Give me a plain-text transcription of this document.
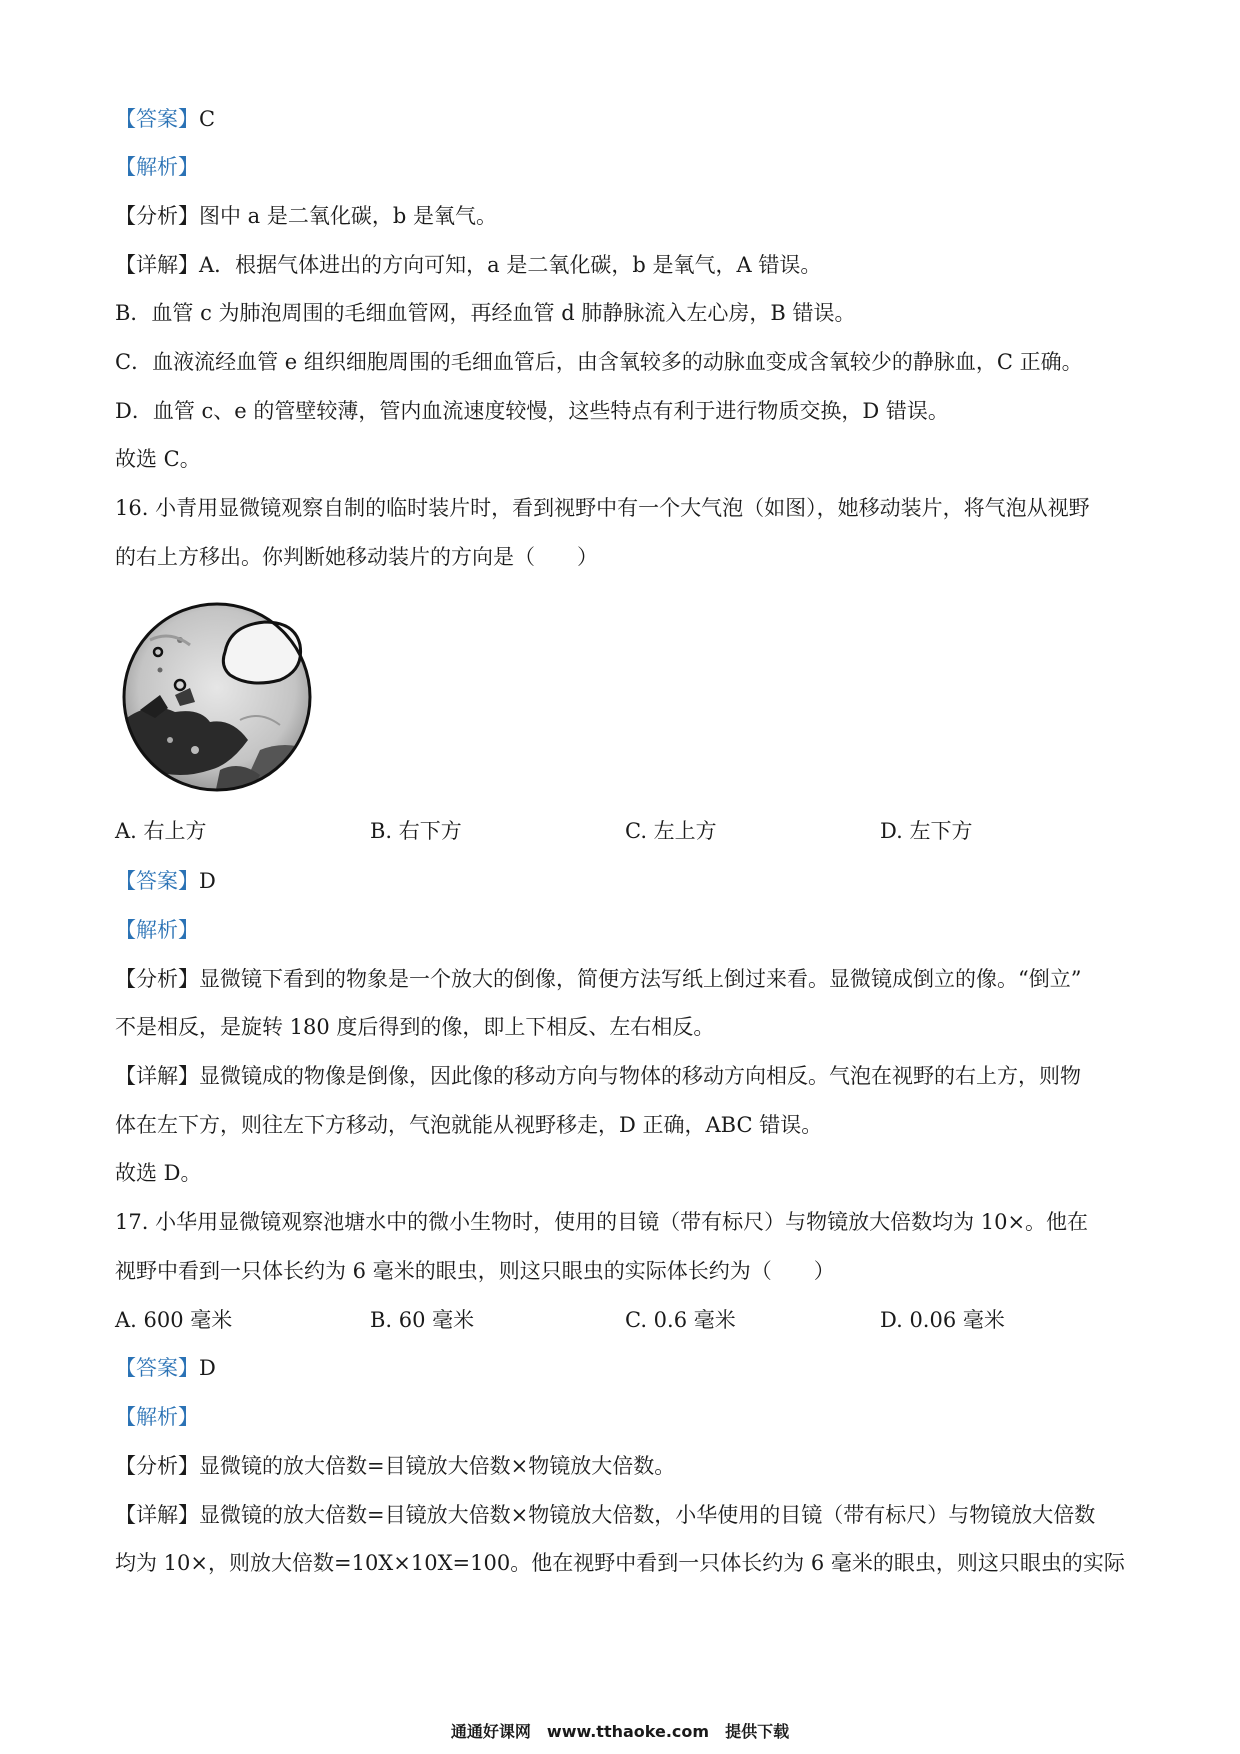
【答案】C
【解析】
【分析】图中 a 是二氧化碳，b 是氧气。
【详解】A．根据气体进出的方向可知，a 是二氧化碳，b 是氧气，A 错误。
B．血管 c 为肺泡周围的毛细血管网，再经血管 d 肺静脉流入左心房，B 错误。
C．血液流经血管 e 组织细胞周围的毛细血管后，由含氧较多的动脉血变成含氧较少的静脉血，C 正确。
D．血管 c、e 的管壁较薄，管内血流速度较慢，这些特点有利于进行物质交换，D 错误。
故选 C。
16. 小青用显微镜观察自制的临时装片时，看到视野中有一个大气泡（如图），她移动装片，将气泡从视野
的右上方移出。你判断她移动装片的方向是（　　）
A. 右上方	B. 右下方	C. 左上方	D. 左下方
【答案】D
【解析】
【分析】显微镜下看到的物象是一个放大的倒像，简便方法写纸上倒过来看。显微镜成倒立的像。“倒立”
不是相反，是旋转 180 度后得到的像，即上下相反、左右相反。
【详解】显微镜成的物像是倒像，因此像的移动方向与物体的移动方向相反。气泡在视野的右上方，则物
体在左下方，则往左下方移动，气泡就能从视野移走，D 正确，ABC 错误。
故选 D。
17. 小华用显微镜观察池塘水中的微小生物时，使用的目镜（带有标尺）与物镜放大倍数均为 10×。他在
视野中看到一只体长约为 6 毫米的眼虫，则这只眼虫的实际体长约为（　　）
A. 600 毫米	B. 60 毫米	C. 0.6 毫米	D. 0.06 毫米
【答案】D
【解析】
【分析】显微镜的放大倍数=目镜放大倍数×物镜放大倍数。
【详解】显微镜的放大倍数=目镜放大倍数×物镜放大倍数，小华使用的目镜（带有标尺）与物镜放大倍数
均为 10×，则放大倍数=10X×10X=100。他在视野中看到一只体长约为 6 毫米的眼虫，则这只眼虫的实际
通通好课网　www.tthaoke.com　提供下载
